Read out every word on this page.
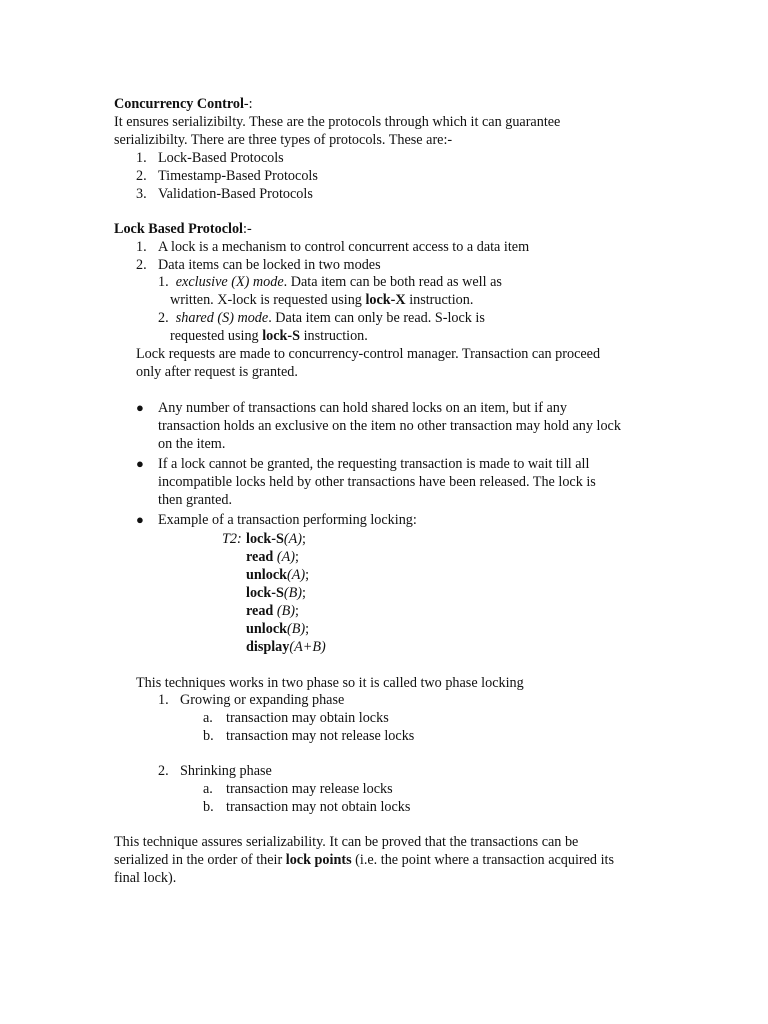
Concurrency Control-:
It ensures serializibilty. These are the protocols through which it can guarantee
serializibilty. There are three types of protocols. These are:-
1. Lock-Based Protocols
2. Timestamp-Based Protocols
3. Validation-Based Protocols
Lock Based Protoclol:-
1. A lock is a mechanism to control concurrent access to a data item
2. Data items can be locked in two modes
1. exclusive (X) mode. Data item can be both read as well as
written. X-lock is requested using lock-X instruction.
2. shared (S) mode. Data item can only be read. S-lock is
requested using lock-S instruction.
Lock requests are made to concurrency-control manager. Transaction can proceed
only after request is granted.
● Any number of transactions can hold shared locks on an item, but if any
transaction holds an exclusive on the item no other transaction may hold any lock
on the item.
● If a lock cannot be granted, the requesting transaction is made to wait till all
incompatible locks held by other transactions have been released. The lock is
then granted.
● Example of a transaction performing locking:
T2: lock-S(A);
read (A);
unlock(A);
lock-S(B);
read (B);
unlock(B);
display(A+B)
This techniques works in two phase so it is called two phase locking
1. Growing or expanding phase
a. transaction may obtain locks
b. transaction may not release locks
2. Shrinking phase
a. transaction may release locks
b. transaction may not obtain locks
This technique assures serializability. It can be proved that the transactions can be
serialized in the order of their lock points (i.e. the point where a transaction acquired its
final lock).
